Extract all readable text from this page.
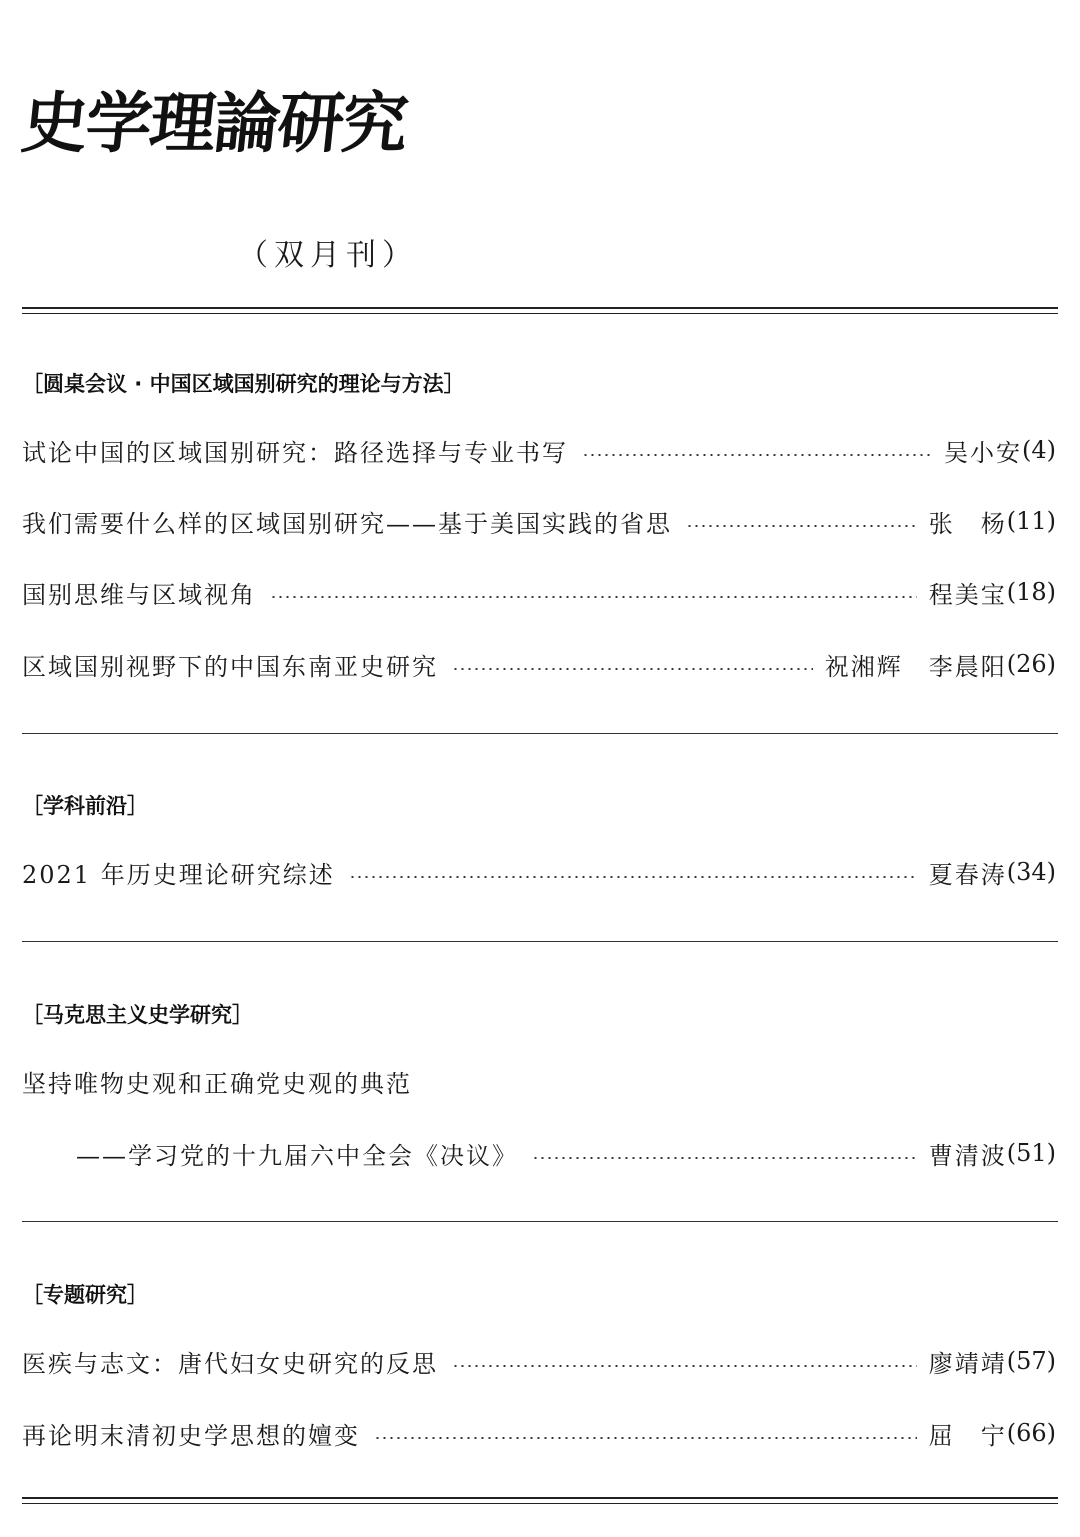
史学理論研究
（双月刊）
［圆桌会议 · 中国区域国别研究的理论与方法］
试论中国的区域国别研究：路径选择与专业书写	吴小安 (4)
我们需要什么样的区域国别研究——基于美国实践的省思	张　杨 (11)
国别思维与区域视角	程美宝 (18)
区域国别视野下的中国东南亚史研究	祝湘辉　李晨阳 (26)
［学科前沿］
2021 年历史理论研究综述	夏春涛 (34)
［马克思主义史学研究］
坚持唯物史观和正确党史观的典范
——学习党的十九届六中全会《决议》	曹清波 (51)
［专题研究］
医疾与志文：唐代妇女史研究的反思	廖靖靖 (57)
再论明末清初史学思想的嬗变	屈　宁 (66)
